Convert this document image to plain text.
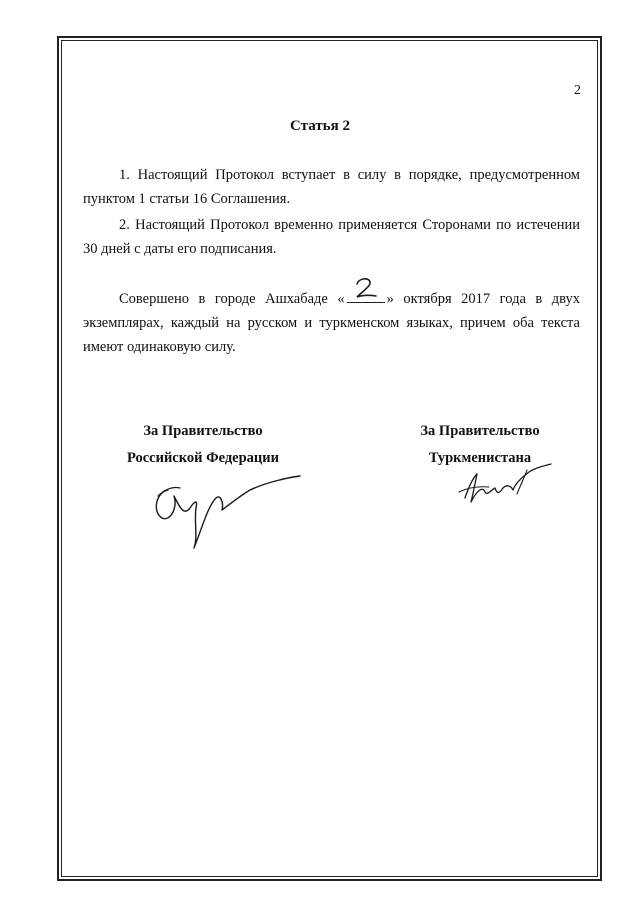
2
Статья 2

1. Настоящий Протокол вступает в силу в порядке, предусмотренном пунктом 1 статьи 16 Соглашения.

2. Настоящий Протокол временно применяется Сторонами по истечении 30 дней с даты его подписания.

Совершено в городе Ашхабаде «	» октября 2017 года в двух экземплярах, каждый на русском и туркменском языках, причем оба текста имеют одинаковую силу.

За Правительство
Российской Федерации
За Правительство
Туркменистана
